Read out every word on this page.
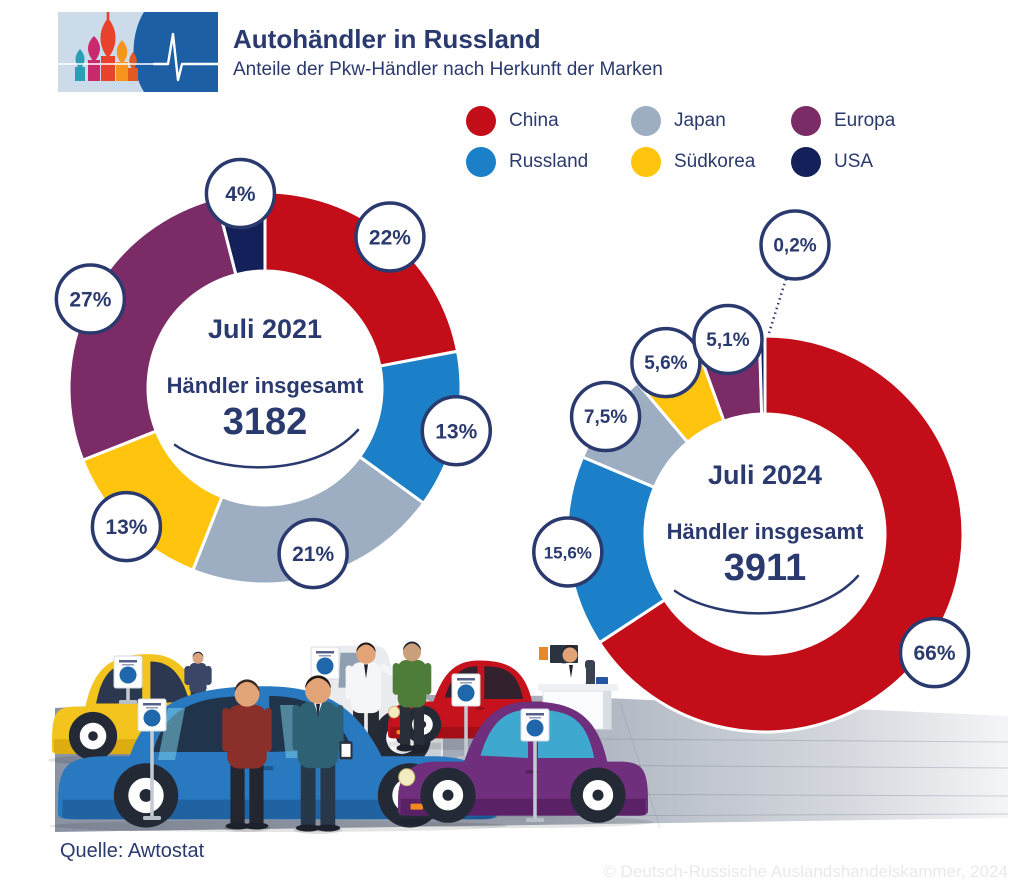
22%
13%
21%
13%
27%
4%
66%
15,6%
7,5%
5,6%
5,1%
0,2%
Autohändler in Russland
Anteile der Pkw-Händler nach Herkunft der Marken
China	Japan	Europa
Russland	Südkorea	USA
Juli 2021
Händler insgesamt
3182
Juli 2024
Händler insgesamt
3911
Quelle: Awtostat
© Deutsch-Russische Auslandshandelskammer, 2024
